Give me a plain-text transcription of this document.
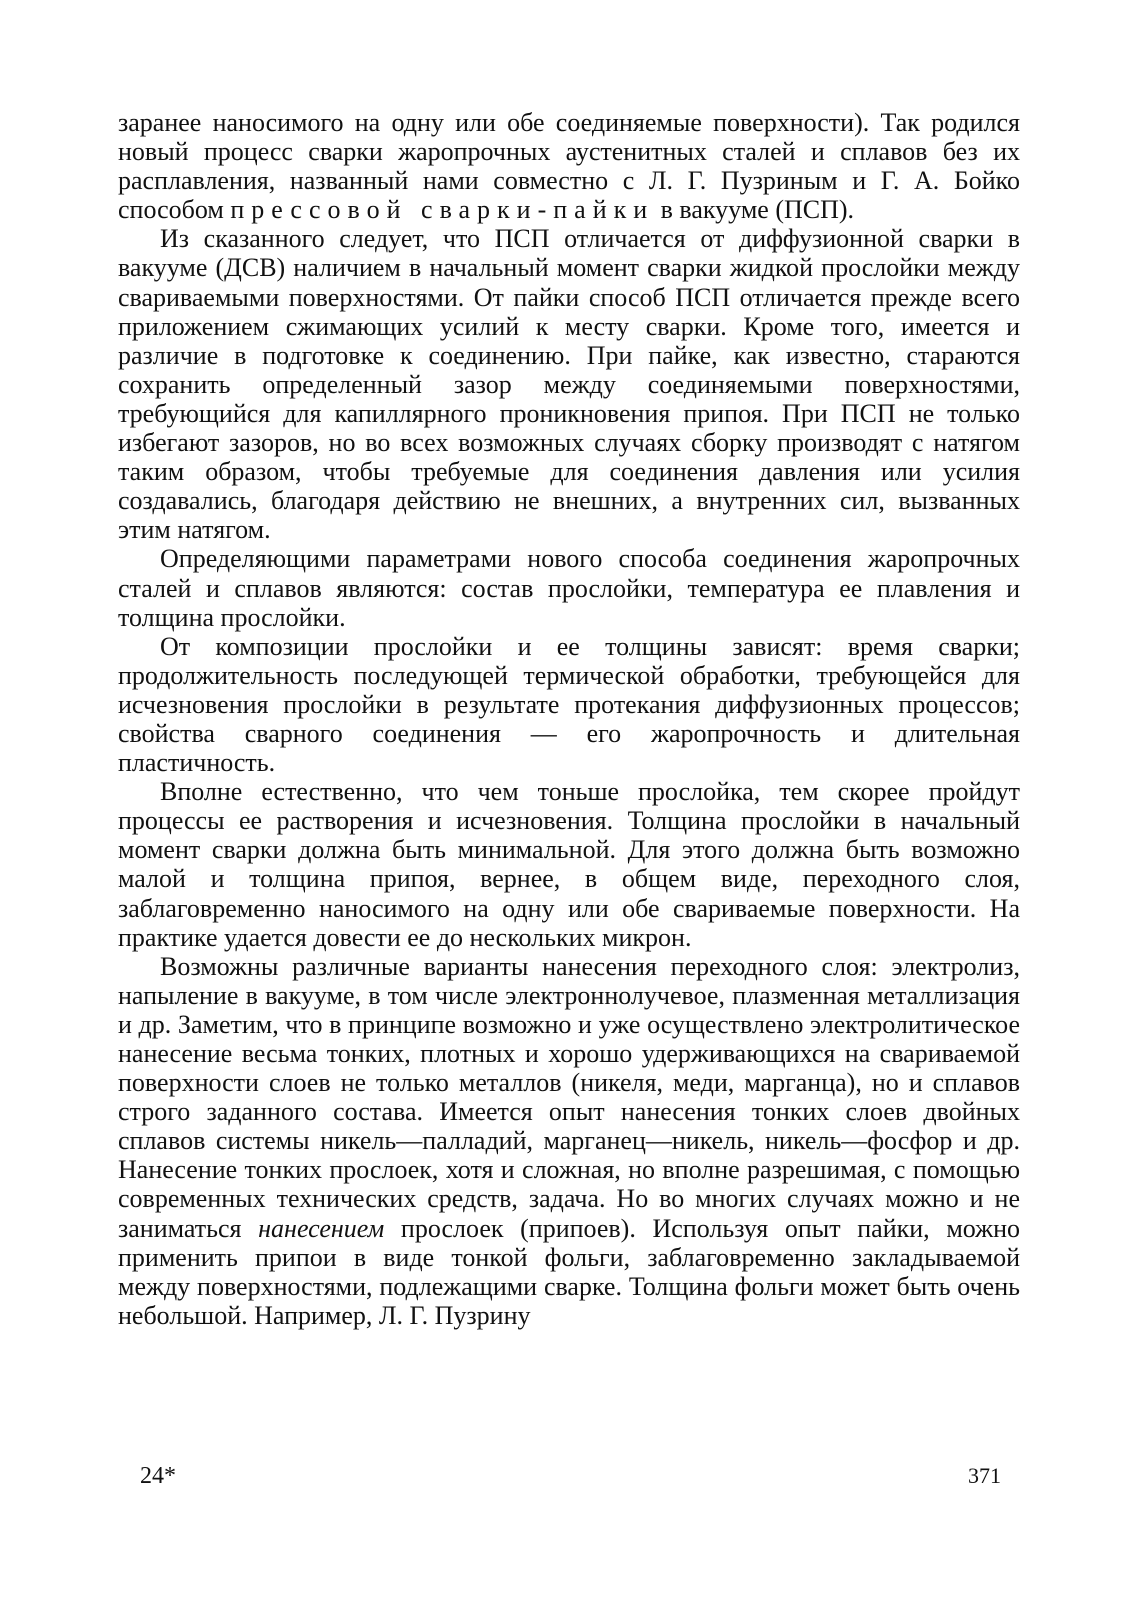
заранее наносимого на одну или обе соединяемые поверхности). Так родился новый процесс сварки жаропрочных аустенитных сталей и сплавов без их расплавления, названный нами совместно с Л. Г. Пузриным и Г. А. Бойко способом прессовой сварки-пайки в вакууме (ПСП).

Из сказанного следует, что ПСП отличается от диффузионной сварки в вакууме (ДСВ) наличием в начальный момент сварки жидкой прослойки между свариваемыми поверхностями. От пайки способ ПСП отличается прежде всего приложением сжимающих усилий к месту сварки. Кроме того, имеется и различие в подготовке к соединению. При пайке, как известно, стараются сохранить определенный зазор между соединяемыми поверхностями, требующийся для капиллярного проникновения припоя. При ПСП не только избегают зазоров, но во всех возможных случаях сборку производят с натягом таким образом, чтобы требуемые для соединения давления или усилия создавались, благодаря действию не внешних, а внутренних сил, вызванных этим натягом.

Определяющими параметрами нового способа соединения жаропрочных сталей и сплавов являются: состав прослойки, температура ее плавления и толщина прослойки.

От композиции прослойки и ее толщины зависят: время сварки; продолжительность последующей термической обработки, требующейся для исчезновения прослойки в результате протекания диффузионных процессов; свойства сварного соединения — его жаропрочность и длительная пластичность.

Вполне естественно, что чем тоньше прослойка, тем скорее пройдут процессы ее растворения и исчезновения. Толщина прослойки в начальный момент сварки должна быть минимальной. Для этого должна быть возможно малой и толщина припоя, вернее, в общем виде, переходного слоя, заблаговременно наносимого на одну или обе свариваемые поверхности. На практике удается довести ее до нескольких микрон.

Возможны различные варианты нанесения переходного слоя: электролиз, напыление в вакууме, в том числе электроннолучевое, плазменная металлизация и др. Заметим, что в принципе возможно и уже осуществлено электролитическое нанесение весьма тонких, плотных и хорошо удерживающихся на свариваемой поверхности слоев не только металлов (никеля, меди, марганца), но и сплавов строго заданного состава. Имеется опыт нанесения тонких слоев двойных сплавов системы никель—палладий, марганец—никель, никель—фосфор и др. Нанесение тонких прослоек, хотя и сложная, но вполне разрешимая, с помощью современных технических средств, задача. Но во многих случаях можно и не заниматься нанесением прослоек (припоев). Используя опыт пайки, можно применить припои в виде тонкой фольги, заблаговременно закладываемой между поверхностями, подлежащими сварке. Толщина фольги может быть очень небольшой. Например, Л. Г. Пузрину

24*	371
